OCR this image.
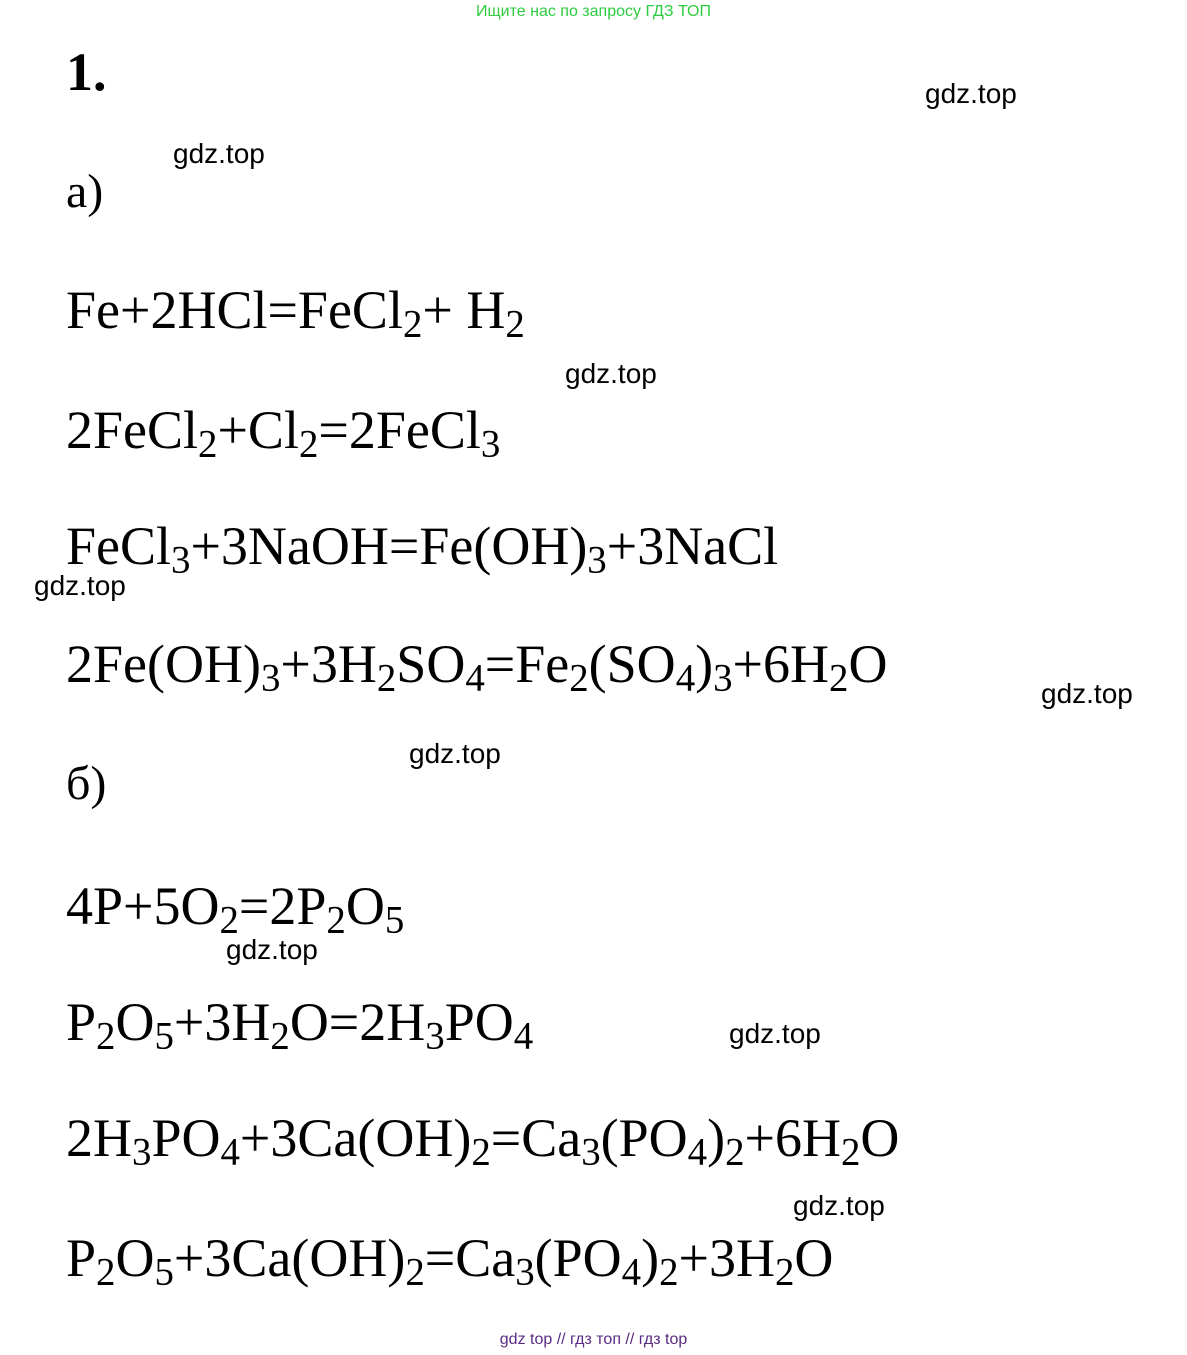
Ищите нас по запросу ГДЗ ТОП
1.
а)
Fe+2HCl=FeCl$_2$+ $H_2$
$2FeCl_2+Cl_2=2FeCl_3$
$FeCl_3+3NaOH=Fe(OH)_3+3NaCl$
$2Fe(OH)_3+3H_2SO_4=Fe_2(SO_4)_3+6H_2O$
б)
$4P+5O_2=2P_2O_5$
$P_2O_5+3H_2O=2H_3PO_4$
$2H_3PO_4+3Ca(OH)_2=Ca_3(PO_4)_2+6H_2O$
$P_2O_5+3Ca(OH)_2=Ca_3(PO_4)_2+3H_2O$
gdz.top
gdz.top
gdz.top
gdz.top
gdz.top
gdz.top
gdz.top
gdz.top
gdz.top
gdz top // гдз топ // гдз top
